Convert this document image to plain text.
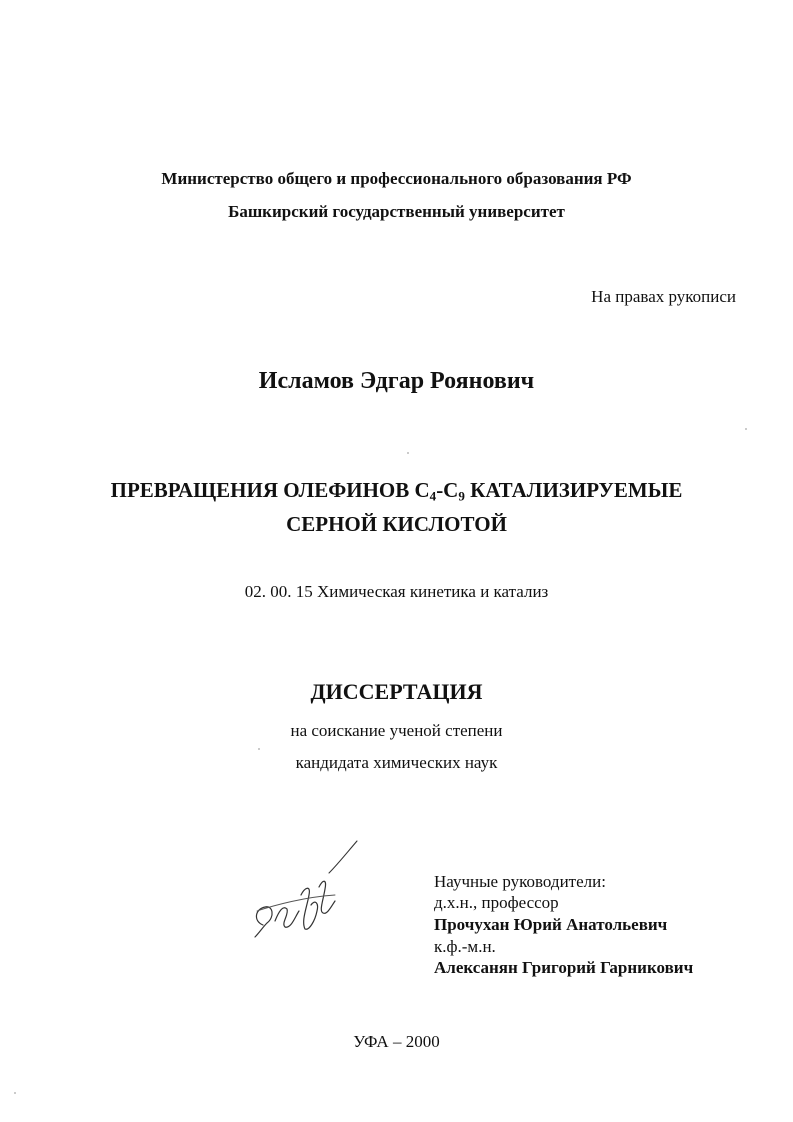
Министерство общего и профессионального образования РФ
Башкирский государственный университет
На правах рукописи
Исламов Эдгар Роянович
ПРЕВРАЩЕНИЯ ОЛЕФИНОВ $С_4-С_9$ КАТАЛИЗИРУЕМЫЕ
СЕРНОЙ КИСЛОТОЙ
02. 00. 15 Химическая кинетика и катализ
ДИССЕРТАЦИЯ
на соискание ученой степени
кандидата химических наук
Научные руководители:
д.х.н., профессор
Прочухан Юрий Анатольевич
к.ф.-м.н.
Алексанян Григорий Гарникович
УФА – 2000
